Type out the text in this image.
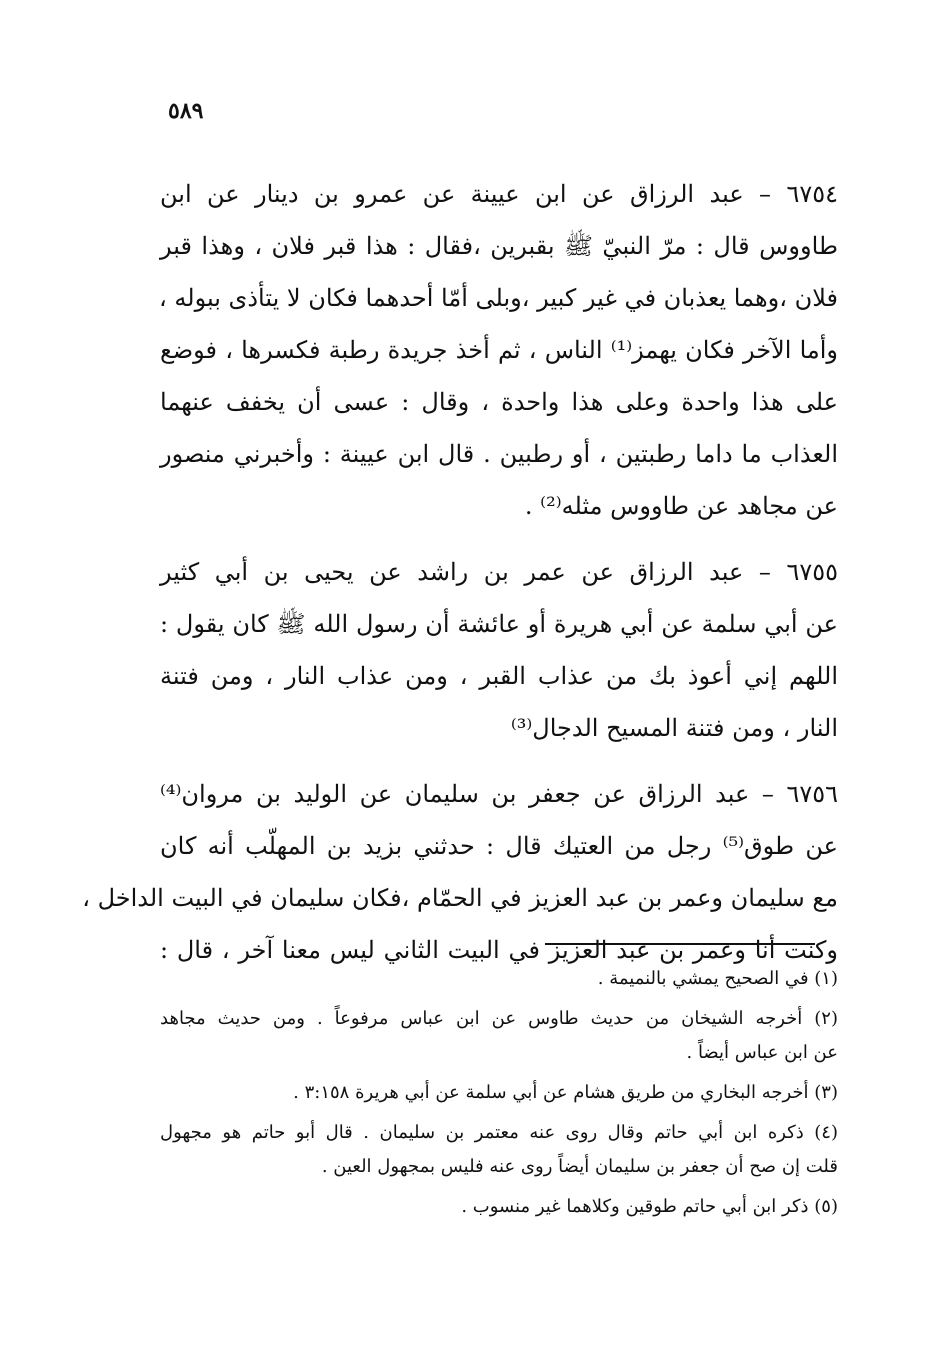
٥٨٩
٦٧٥٤ – عبد الرزاق عن ابن عيينة عن عمرو بن دينار عن ابن
طاووس قال : مرّ النبيّ ﷺ بقبرين ،فقال : هذا قبر فلان ، وهذا قبر
فلان ،وهما يعذبان في غير كبير ،وبلى أمّا أحدهما فكان لا يتأذى ببوله ،
وأما الآخر فكان يهمز⁽¹⁾ الناس ، ثم أخذ جريدة رطبة فكسرها ، فوضع
على هذا واحدة وعلى هذا واحدة ، وقال : عسى أن يخفف عنهما
العذاب ما داما رطبتين ، أو رطبين . قال ابن عيينة : وأخبرني منصور
عن مجاهد عن طاووس مثله⁽²⁾ .
٦٧٥٥ – عبد الرزاق عن عمر بن راشد عن يحيى بن أبي كثير
عن أبي سلمة عن أبي هريرة أو عائشة أن رسول الله ﷺ كان يقول :
اللهم إني أعوذ بك من عذاب القبر ، ومن عذاب النار ، ومن فتنة
النار ، ومن فتنة المسيح الدجال⁽³⁾
٦٧٥٦ – عبد الرزاق عن جعفر بن سليمان عن الوليد بن مروان⁽⁴⁾
عن طوق⁽⁵⁾ رجل من العتيك قال : حدثني بزيد بن المهلّب أنه كان
مع سليمان وعمر بن عبد العزيز في الحمّام ،فكان سليمان في البيت الداخل ،
وكنت أنا وعمر بن عبد العزيز في البيت الثاني ليس معنا آخر ، قال :
(١) في الصحيح يمشي بالنميمة .
(٢) أخرجه الشيخان من حديث طاوس عن ابن عباس مرفوعاً . ومن حديث مجاهد
عن ابن عباس أيضاً .
(٣) أخرجه البخاري من طريق هشام عن أبي سلمة عن أبي هريرة ٣:١٥٨ .
(٤) ذكره ابن أبي حاتم وقال روى عنه معتمر بن سليمان . قال أبو حاتم هو مجهول
قلت إن صح أن جعفر بن سليمان أيضاً روى عنه فليس بمجهول العين .
(٥) ذكر ابن أبي حاتم طوقين وكلاهما غير منسوب .
